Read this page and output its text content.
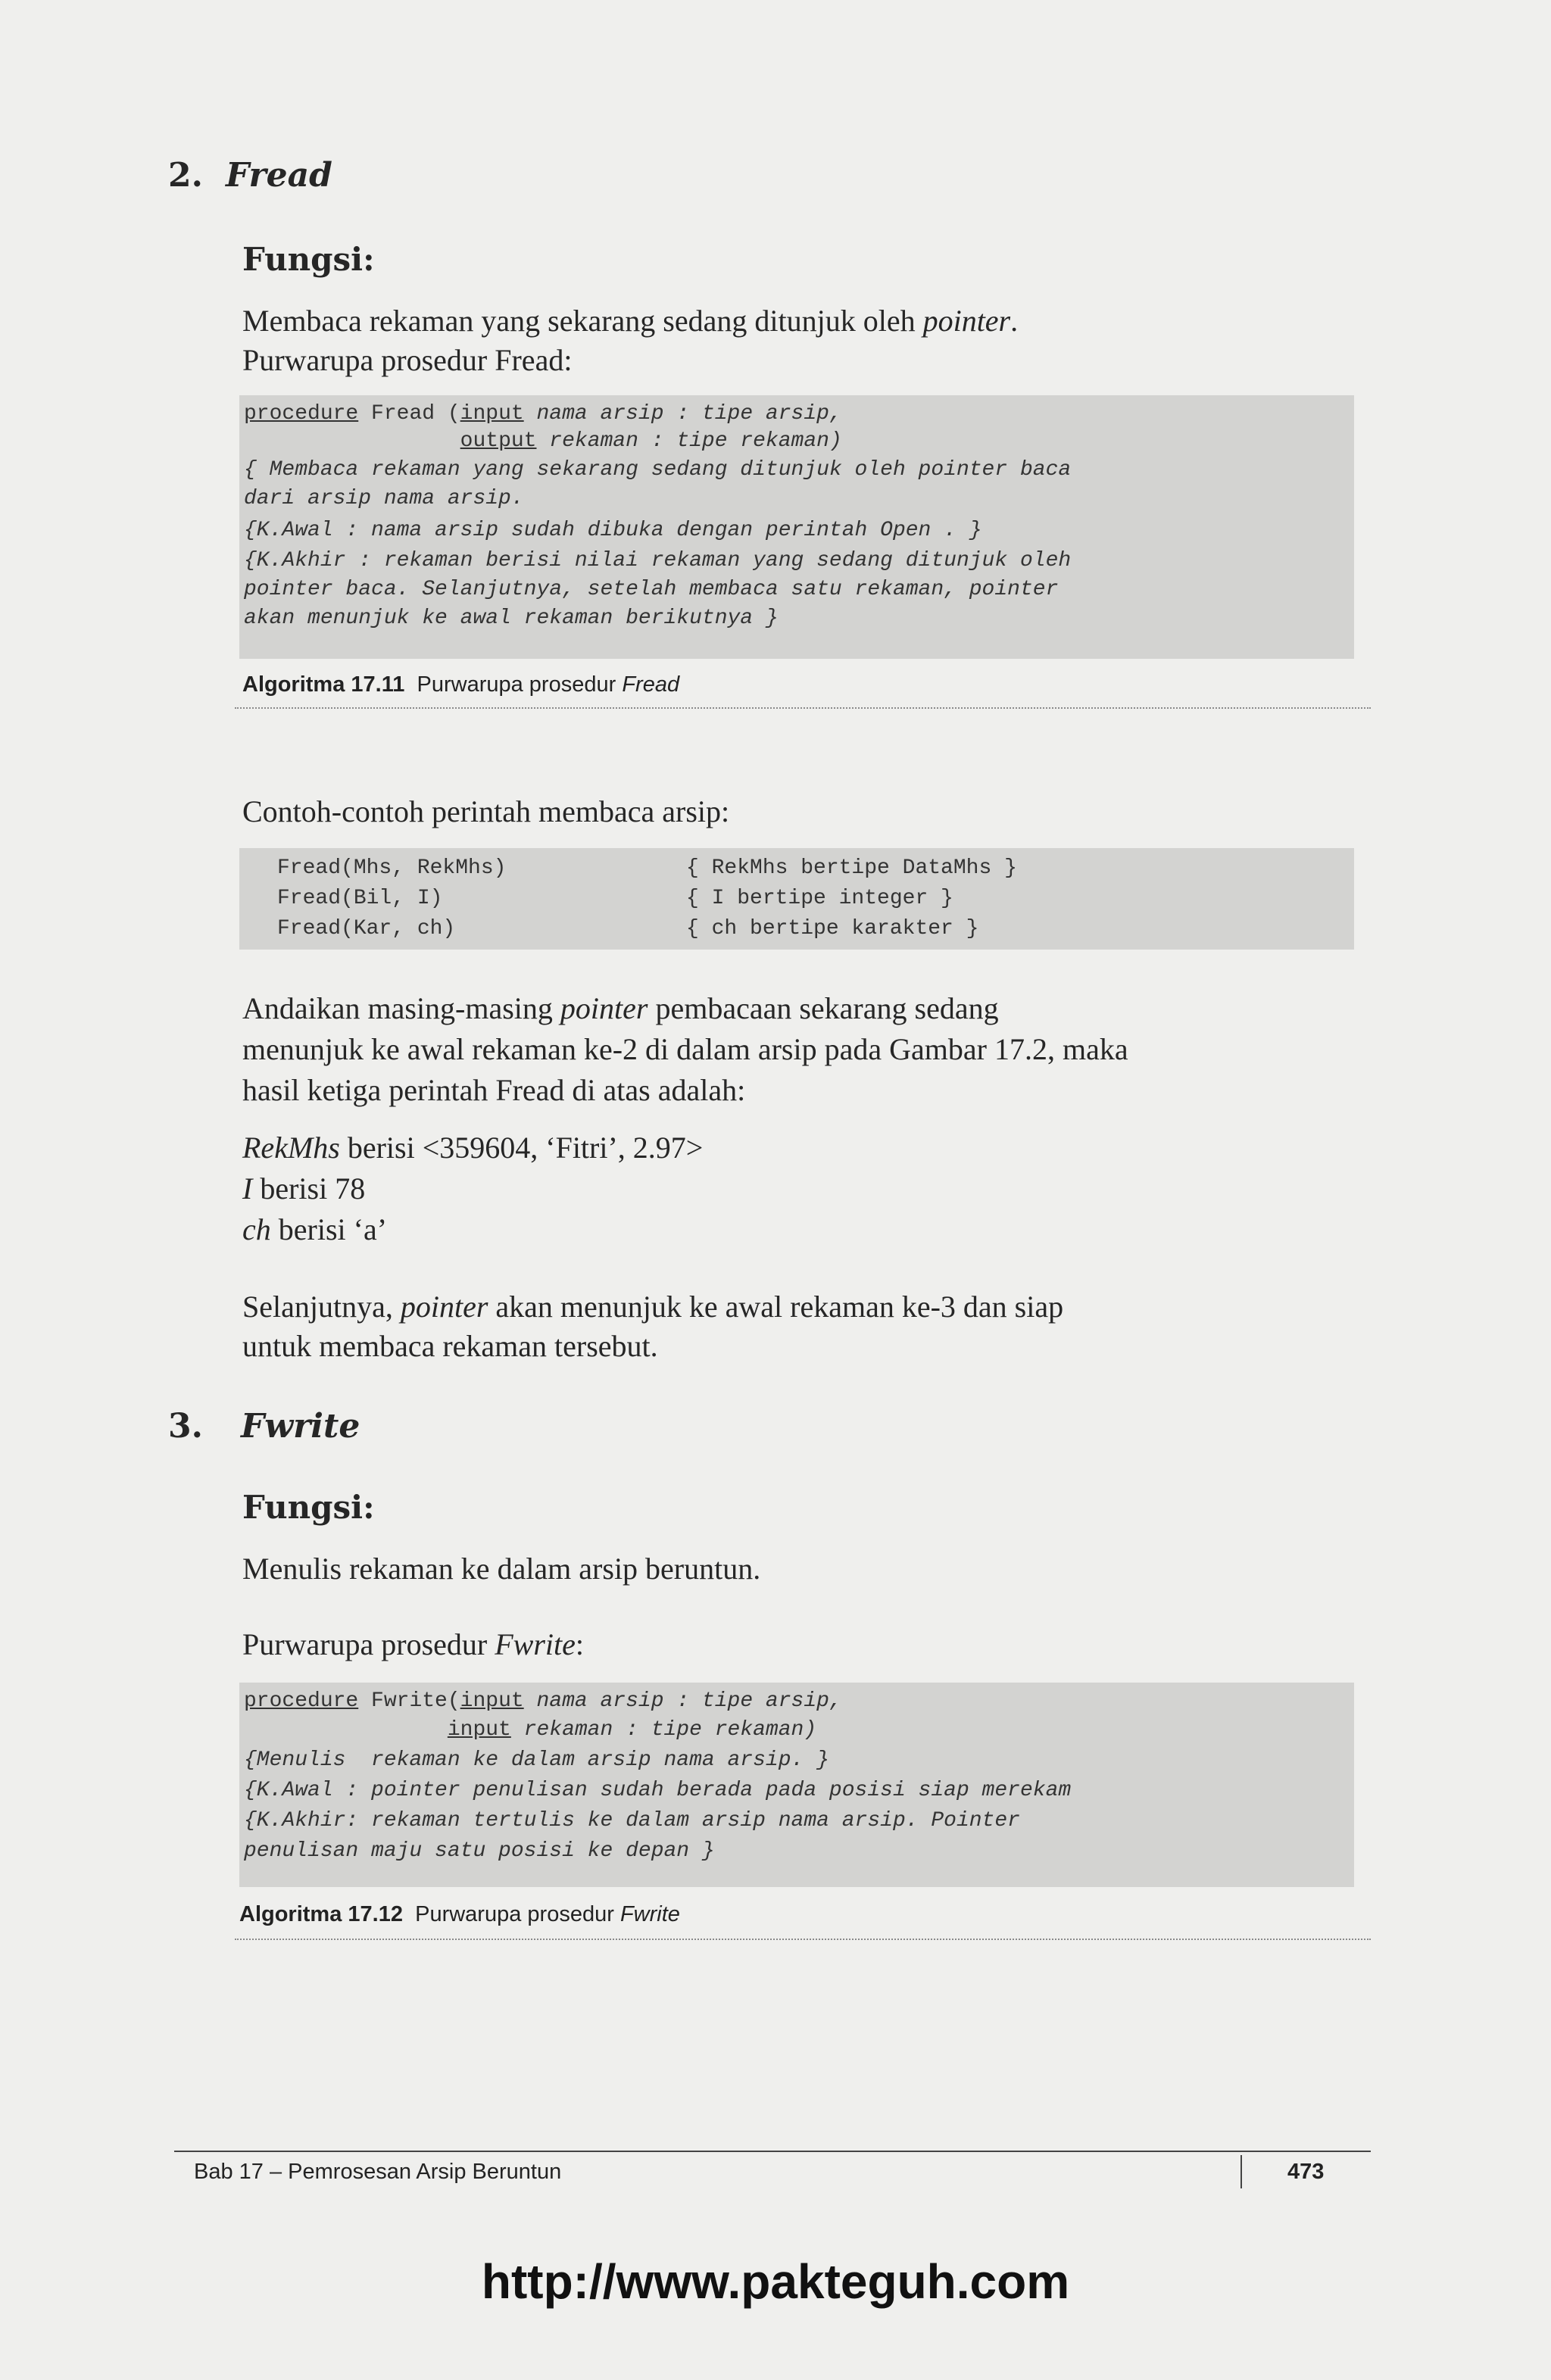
2. Fread
Fungsi:
Membaca rekaman yang sekarang sedang ditunjuk oleh pointer.
Purwarupa prosedur Fread:
procedure Fread (input nama arsip : tipe arsip,
output rekaman : tipe rekaman)
{ Membaca rekaman yang sekarang sedang ditunjuk oleh pointer baca
dari arsip nama arsip.
{K.Awal : nama arsip sudah dibuka dengan perintah Open . }
{K.Akhir : rekaman berisi nilai rekaman yang sedang ditunjuk oleh
pointer baca. Selanjutnya, setelah membaca satu rekaman, pointer
akan menunjuk ke awal rekaman berikutnya }
Algoritma 17.11 Purwarupa prosedur Fread
Contoh-contoh perintah membaca arsip:
Fread(Mhs, RekMhs)	{ RekMhs bertipe DataMhs }
Fread(Bil, I)	{ I bertipe integer }
Fread(Kar, ch)	{ ch bertipe karakter }
Andaikan masing-masing pointer pembacaan sekarang sedang
menunjuk ke awal rekaman ke-2 di dalam arsip pada Gambar 17.2, maka
hasil ketiga perintah Fread di atas adalah:
RekMhs berisi <359604, ‘Fitri’, 2.97>
I berisi 78
ch berisi ‘a’
Selanjutnya, pointer akan menunjuk ke awal rekaman ke-3 dan siap
untuk membaca rekaman tersebut.
3. Fwrite
Fungsi:
Menulis rekaman ke dalam arsip beruntun.
Purwarupa prosedur Fwrite:
procedure Fwrite(input nama arsip : tipe arsip,
input rekaman : tipe rekaman)
{Menulis  rekaman ke dalam arsip nama arsip. }
{K.Awal : pointer penulisan sudah berada pada posisi siap merekam
{K.Akhir: rekaman tertulis ke dalam arsip nama arsip. Pointer
penulisan maju satu posisi ke depan }
Algoritma 17.12 Purwarupa prosedur Fwrite
Bab 17 – Pemrosesan Arsip Beruntun	473
http://www.pakteguh.com
